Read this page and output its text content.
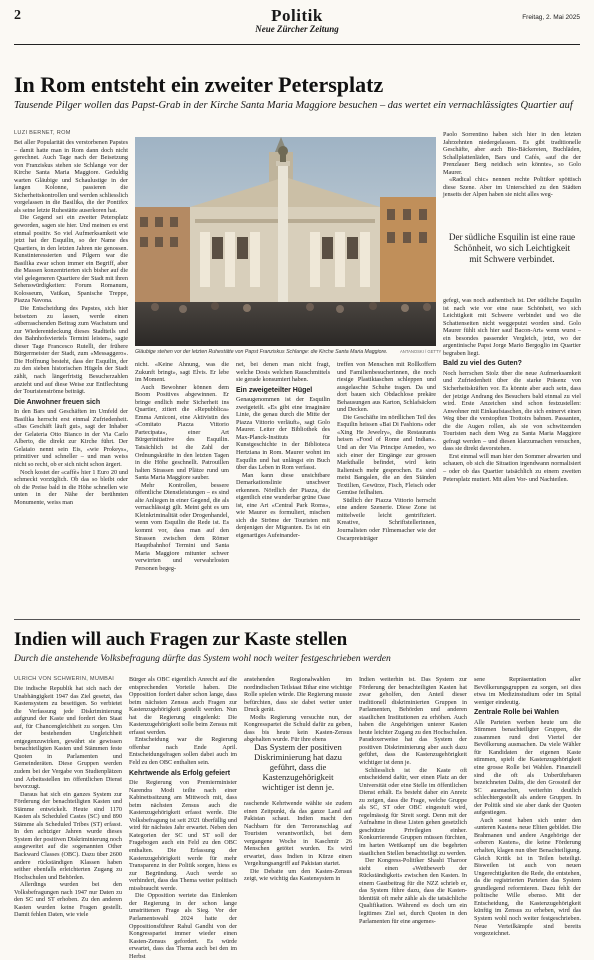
2	Politik
Neue Zürcher Zeitung
Freitag, 2. Mai 2025
In Rom entsteht ein zweiter Petersplatz
Tausende Pilger wollen das Papst-Grab in der Kirche Santa Maria Maggiore besuchen – das wertet ein vernachlässigtes Quartier auf
LUZI BERNET, ROM

Bei aller Popularität des verstorbenen Papstes – damit hatte man in Rom dann doch nicht gerechnet. Auch Tage nach der Beisetzung von Franziskus stehen sie Schlange vor der Kirche Santa Maria Maggiore. Geduldig warten Gläubige und Schaulustige in der langen Kolonne, passieren die Sicherheitskontrollen und werden schliesslich vorgelassen in die Basilika, die der Pontifex als seine letzte Ruhestätte auserkoren hat.

Die Gegend sei ein zweiter Petersplatz geworden, sagen sie hier. Und meinen es erst einmal positiv. So viel Aufmerksamkeit wie jetzt hat der Esquilin, so der Name des Quartiers, in den letzten Jahren nie genossen. Kunstinteressierten und Pilgern war die Basilika zwar schon immer ein Begriff, aber die Massen konzentrierten sich bisher auf die viel gelegeneren Quartiere der Stadt mit ihren Sehenswürdigkeiten: Forum Romanum, Kolosseum, Vatikan, Spanische Treppe, Piazza Navona.

Die Entscheidung des Papstes, sich hier beisetzen zu lassen, werde einen «überraschenden Beitrag zum Wachstum und zur Wiederentdeckung dieses Stadtteils und des Bahnhofsviertels Termini leisten», sagte dieser Tage Francesco Rutelli, der frühere Bürgermeister der Stadt, zum «Messaggero». Die Hoffnung besteht, dass der Esquilin, der zu den sieben historischen Hügeln der Stadt zählt, nach längerfristig Besucherzahlen anzieht und auf diese Weise zur Entflechtung der Touristenströme beiträgt.

Die Anwohner freuen sich

In den Bars und Geschäften im Umfeld der Basilika herrscht erst einmal Zufriedenheit. «Das Geschäft läuft gut», sagt der Inhaber der Gelateria Otto Bianco in der Via Carlo Alberto, die direkt zur Kirche führt. Der Gelataio nennt sein Eis, «wie Prokeys», primitiver und schneller – und man weiss nicht so recht, ob er sich nicht schon ärgert.

Noch kostet der «caffè» hier 1 Euro 20 und schmeckt vorzüglich. Ob das so bleibt oder ob die Preise bald in die Höhe schnellen wie unten in der Nähe der berühmten Monumente, weiss man

Gläubige stehen vor der letzten Ruhestätte von Papst Franziskus Schlange: die Kirche Santa Maria Maggiore.	ANTANOSKI / GETTY

nicht. «Keine Ahnung, was die Zukunft bringt», sagt Elvis. Er lebe im Moment.

Auch Bewohner können dem Boom Positives abgewinnen. Er bringe endlich mehr Sicherheit ins Quartier, zitiert die «Repubblica» Emma Amiconi, eine Aktivistin des «Comitato Piazza Vittorio Partecipata», einer Art Bürgerinitiative des Esquilin. Tatsächlich ist die Zahl der Ordnungskräfte in den letzten Tagen in die Höhe geschnellt. Patrouillen halten Strassen und Plätze rund um Santa Maria Maggiore sauber.

Mehr Kontrollen, bessere öffentliche Dienstleistungen – es sind alte Anliegen in einer Gegend, die als vernachlässigt gilt. Meint geht es um Kleinkriminalität oder Drogenhandel, wenn vom Esquilin die Rede ist. Es kommt vor, dass man auf den Strassen zwischen dem Römer Hauptbahnhof Termini und Santa Maria Maggiore mitunter schwer verwirrten und verwahrlosten Personen begeg-

net, bei denen man nicht fragt, welche Dosis welchen Rauschmittels sie gerade konsumiert haben.

Ein zweigeteilter Hügel

Genaugenommen ist der Esquilin zweigeteilt. «Es gibt eine imaginäre Linie, die genau durch die Mitte der Piazza Vittorio verläuft», sagt Golo Maurer. Leiter der Bibliothek des Max-Planck-Instituts für Kunstgeschichte in der Biblioteca Hertziana in Rom. Maurer wohnt im Esquilin und hat unlängst ein Buch über das Leben in Rom verfasst.

Man kann diese unsichtbare Demarkationslinie unschwer erkennen. Nördlich der Piazza, die eigentlich eine wunderbar grüne Oase ist, eine Art «Central Park Roms», wie Maurer es formuliert, mischen sich die Ströme der Touristen mit denjenigen der Migranten. Es ist ein eigenartiges Aufeinander-

treffen von Menschen mit Rollkoffern und Familienbesucherinnen, die noch riesige Plastiktaschen schleppen und ausgelaschte Schuhe tragen. Da und dort bauen sich Obdachlose prekäre Behausungen aus Karton, Schlafsäcken und Decken.

Die Geschäfte im nördlichen Teil des Esquilin heissen «Bai Di Fashion» oder «Xing He Jewelry», die Restaurants heisen «Food of Rome and Indian». Und an der Via Principe Amedeo, wo sich einer der Eingänge zur grossen Markthalle befindet, wird kein Italienisch mehr gesprochen. Es sind meist Bangalen, die an den Ständen Textilien, Gewürze, Fisch, Fleisch oder Gemüse feilhalten.

Südlich der Piazza Vittorio herrscht eine andere Szenerie. Diese Zone ist mittelweile leicht gentrifiziert. Kreative, Schriftstellerinnen, Journalisten oder Filmemacher wie der Oscarpreisträger

Paolo Sorrentino haben sich hier in den letzten Jahrzehnten niedergelassen. Es gibt traditionelle Geschäfte, aber auch Bio-Bäckereien, Buchläden, Schallplattenläden, Bars und Cafés, «auf die der Prenzlauer Berg neidisch sein könnte», so Golo Maurer.

«Radical chic» nennen rechte Politiker spöttisch diese Szene. Aber im Unterschied zu den Städten jenseits der Alpen haben sie nicht alles weg-

Der südliche Esquilin ist eine raue Schönheit, wo sich Leichtigkeit mit Schwere verbindet.

gefegt, was noch authentisch ist. Der südliche Esquilin ist nach wie vor eine raue Schönheit, wo sich Leichtigkeit mit Schwere verbindet und wo die Schattenseiten nicht weggeputzt worden sind. Golo Maurer fühlt sich hier sauf Bacon-Art» wenn wurst – ein besondes passender Vergleich, jetzt, wo der argentinische Papst Jorge Mario Bergoglio im Quartier begraben liegt.

Bald zu viel des Guten?

Noch herrschen Stolz über die neue Aufmerksamkeit und Zufriedenheit über die starke Präsenz von Sicherheitskräften vor. Es könnte aber auch sein, dass der jetzige Andrang des Besuchers bald einmal zu viel wird. Erste Anzeichen sind schon festzustellen: Anwohner mit Einkaufstaschen, die sich entnervt einen Weg über die verstopften Trottoirs bahnen. Passanten, die die Augen rollen, als sie von schwitzenden Touristen nach dem Weg zu Santa Maria Maggiore gefragt werden – und diesen klarzumachen versuchen, dass sie direkt davorstehen.

Erst einmal will man hier den Sommer abwarten und schauen, ob sich die Situation irgendwann normalisiert – oder ob das Quartier tatsächlich zu einem zweiten Petersplatz mutiert. Mit allen Vor- und Nachteilen.

Indien will auch Fragen zur Kaste stellen
Durch die anstehende Volksbefragung dürfte das System wohl noch weiter festgeschrieben werden
ULRICH VON SCHWERIN, MUMBAI

Die indische Republik hat sich nach der Unabhängigkeit 1947 das Ziel gesetzt, das Kastensystem zu beseitigen. So verbietet die Verfassung jede Diskriminierung aufgrund der Kaste und fordert den Staat auf, für Chancengleichheit zu sorgen. Um der bestehenden Ungleichheit entgegenzuwirken, gewährt sie gewissen benachteiligten Kasten und Stämmen feste Quoten in Parlamenten und Gemeinderäten. Diese Gruppen werden zudem bei der Vergabe von Studienplätzen und Arbeitsstellen im öffentlichen Dienst bevorzugt.

Daraus hat sich ein ganzes System zur Förderung der benachteiligten Kasten und Stämme entwickelt. Heute sind 1170 Kasten als Scheduled Castes (SC) und 890 Stämme als Scheduled Tribes (ST) erfasst. In den achtziger Jahren wurde dieses System der positiven Diskriminierung noch ausgeweitet auf die sogenannten Other Backward Classes (OBC). Dazu über 2600 andere rückständigen Klassen haben seither ebenfalls erleichterten Zugang zu Hochschulen und Behörden.

Allerdings wurden bei den Volksbefragungen nach 1947 nur Daten zu den SC und ST erhoben. Zu den anderen Kasten wurden keine Fragen gestellt. Damit fehlen Daten, wie viele

Bürger als OBC eigentlich Anrecht auf die entsprechenden Vorteile haben. Die Opposition fordert daher schon lange, dass beim nächsten Zensus auch Fragen zur Kastenzugehörigkeit gestellt werden. Nun hat die Regierung eingelenkt: Die Kastenzugehörigkeit solle beim Zensus mit erfasst werden.

Entscheidung war die Regierung offenbar nach Ende April. Entscheidungsfragen sollen dabei auch im Feld zu den OBC enthalten sein.

Kehrtwende als Erfolg gefeiert

Die Regierung von Premierminister Narendra Modi teilte nach einer Kabinettssitzung am Mittwoch mit, dass beim nächsten Zensus auch die Kastenzugehörigkeit erfasst werde. Die Volksbefragung ist seit 2021 überfällig und wird für nächstes Jahr erwartet. Neben den Kategorien der SC und ST soll der Fragebogen auch ein Feld zu den OBC enthalten. Die Erfassung der Kastenzugehörigkeit werde für mehr Transparenz in der Politik sorgen, hiess es zur Begründung. Auch werde so verhindert, dass das Thema weiter politisch missbraucht werde.

Die Opposition wertete das Einlenken der Regierung in der schon lange umstrittenen Frage als Sieg. Vor der Parlamentswahl 2024 hatte der Oppositionsführer Rahul Gandhi von der Kongresspartei immer wieder einen Kasten-Zensus gefordert. Es würde erwartet, dass das Thema auch bei den im Herbst

anstehenden Regionalwahlen im nordindischen Teilstaat Bihar eine wichtige Rolle spielen würde. Die Regierung musste befürchten, dass sie dabei weiter unter Druck gerät.

Modis Regierung versuchte nun, der Kongresspartei die Schuld dafür zu geben, dass bis heute kein Kasten-Zensus abgehalten wurde. Für ihre ebens

Das System der positiven Diskriminierung hat dazu geführt, dass die Kastenzugehörigkeit wichtiger ist denn je.

raschende Kehrtwende wählte sie zudem einen Zeitpunkt, da das ganze Land auf Pakistan schaut. Indien macht den Nachbarn für den Terroranschlag auf Touristen verantwortlich, bei dem vergangene Woche in Kaschmir 26 Menschen getötet wurden. Es wird erwartet, dass Indien in Kürze einen Vergeltungsangriff auf Pakistan startet.

Die Debatte um den Kasten-Zensus zeigt, wie wichtig das Kastensystem in

Indien weiterhin ist. Das System zur Förderung der benachteiligten Kasten hat zwar geholfen, den Anteil dieser traditionell diskriminierten Gruppen in Parlamenten, Behörden und anderen staatlichen Institutionen zu erhöhen. Auch haben die Angehörigen unterer Kasten heute leichter Zugang zu den Hochschulen. Paradoxerweise hat das System der positiven Diskriminierung aber auch dazu geführt, dass die Kastenzugehörigkeit wichtiger ist denn je.

Schliesslich ist die Kaste oft entscheidend dafür, wer einen Platz an der Universität oder eine Stelle im öffentlichen Dienst erhält. Es besteht daher ein Anreiz zu zeigen, dass die Frage, welche Gruppe als SC, ST oder OBC eingestuft wird, regelmässig für Streit sorgt. Denn mit der Aufnahme in diese Listen gehen gesetzlich geschützte Privilegien einher. Konkurrierende Gruppen müssen fürchten, im harten Wettkampf um die begehrten staatlichen Stellen benachteiligt zu werden.

Der Kongress-Politiker Shashi Tharoor sieht einen «Wettbewerb der Rückständigkeit» zwischen den Kasten. In einem Gastbeitrag für die NZZ schrieb er, das System führe dazu, dass die Kasten-Identität oft mehr zähle als die tatsächliche Qualifikation. Während es doch um ein legitimes Ziel sei, durch Quoten in den Parlamenten für eine angemes-

sene Repräsentation aller Bevölkerungsgruppen zu sorgen, sei dies etwa im Medizinstudium oder im Spital weniger eindeutig.

Zentrale Rolle bei Wahlen

Alle Parteien werben heute um die Stimmen benachteiligter Gruppen, die zusammen rund drei Viertel der Bevölkerung ausmachen. Da viele Wähler für Kandidaten der eigenen Kaste stimmen, spielt die Kastenzugehörigkeit eine grosse Rolle bei Wahlen. Finanziell sind die oft als Unberührbaren bezeichneten Dalits, die den Grossteil der SC ausmachen, weiterhin deutlich schlechtergestellt als andere Gruppen. In der Politik sind sie aber dank der Quoten aufgestiegen.

Auch sonst haben sich unter den «unteren Kasten» neue Eliten gebildet. Die Brahmanen und andere Angehörige der «oberen Kasten», die keine Förderung erhalten, klagen nun über Benachteiligung. Gleich Kritik ist in Teilen beteiligt. Bisweilen ist auch von neuen Ungerechtigkeiten die Rede, die entstehen, da die registrierten Parteien das System grundlegend reformieren. Dazu fehlt der politische Wille ebenso. Mit der Entscheidung, die Kastenzugehörigkeit künftig im Zensus zu erheben, wird das System wohl noch weiter festgeschrieben. Neue Verteilkämpfe sind bereits vorgezeichnet.
